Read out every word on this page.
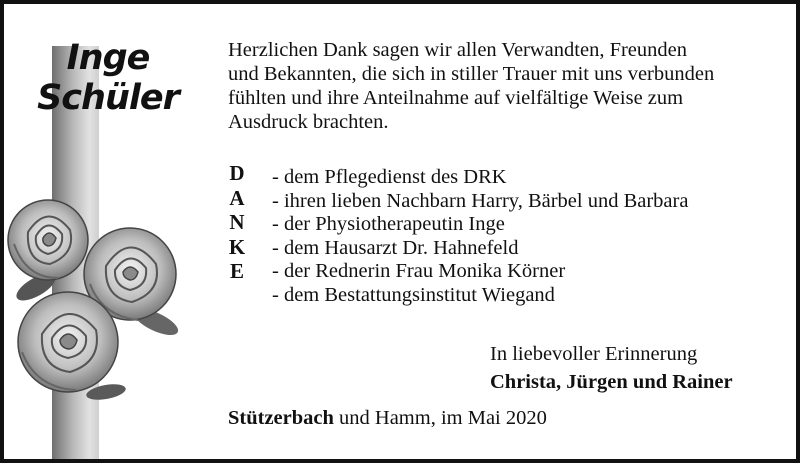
Inge
Schüler
Herzlichen Dank sagen wir allen Verwandten, Freunden
und Bekannten, die sich in stiller Trauer mit uns verbunden
fühlten und ihre Anteilnahme auf vielfältige Weise zum
Ausdruck brachten.
D
A
N
K
E
- dem Pflegedienst des DRK
- ihren lieben Nachbarn Harry, Bärbel und Barbara
- der Physiotherapeutin Inge
- dem Hausarzt Dr. Hahnefeld
- der Rednerin Frau Monika Körner
- dem Bestattungsinstitut Wiegand
In liebevoller Erinnerung
Christa, Jürgen und Rainer
Stützerbach und Hamm, im Mai 2020
